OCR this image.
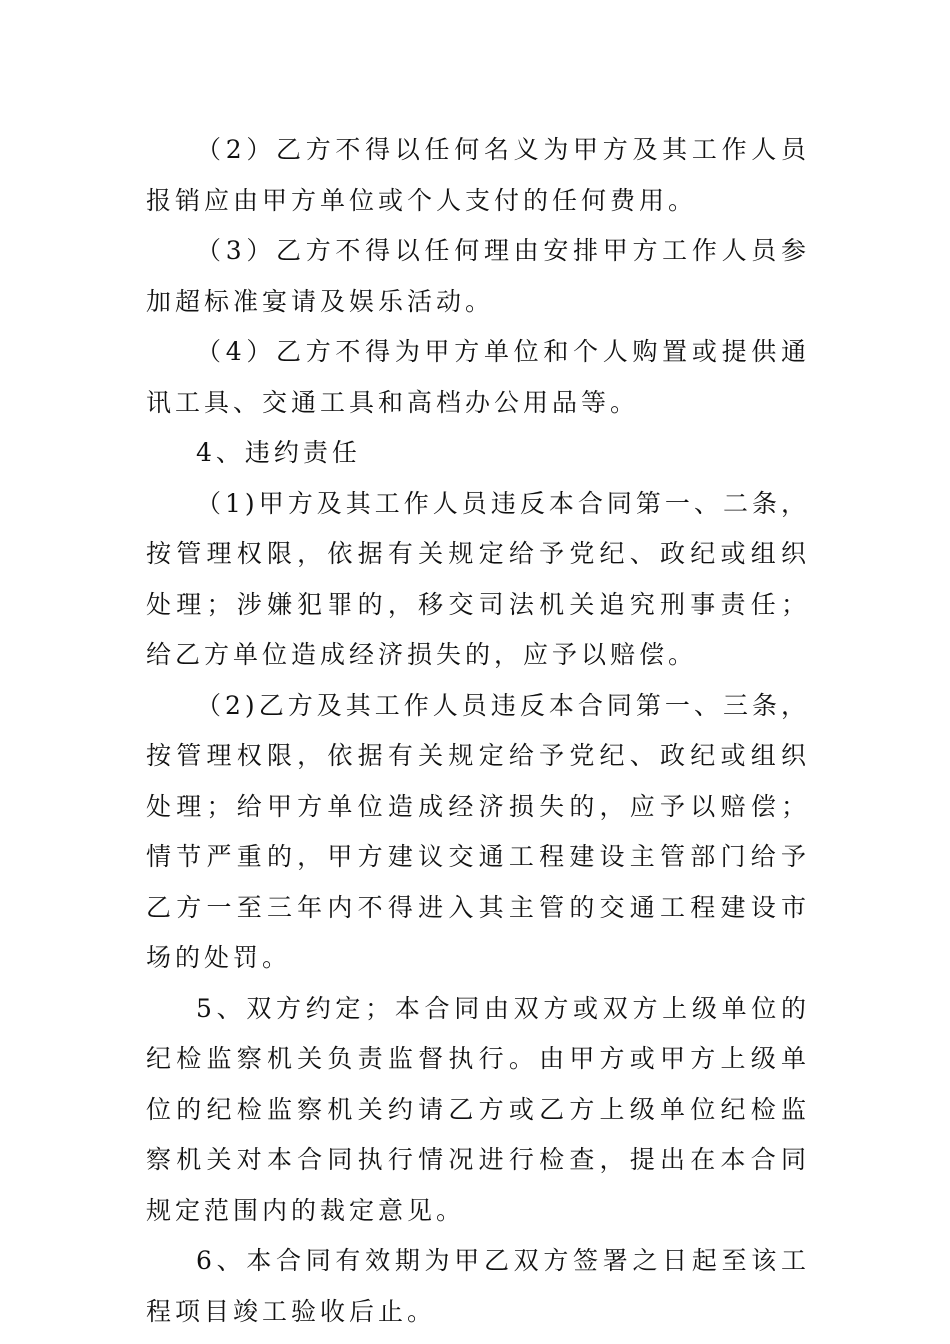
（2）乙方不得以任何名义为甲方及其工作人员报销应由甲方单位或个人支付的任何费用。

（3）乙方不得以任何理由安排甲方工作人员参加超标准宴请及娱乐活动。

（4）乙方不得为甲方单位和个人购置或提供通讯工具、交通工具和高档办公用品等。

4、违约责任

（1)甲方及其工作人员违反本合同第一、二条，按管理权限，依据有关规定给予党纪、政纪或组织处理；涉嫌犯罪的，移交司法机关追究刑事责任；给乙方单位造成经济损失的，应予以赔偿。

（2)乙方及其工作人员违反本合同第一、三条，按管理权限，依据有关规定给予党纪、政纪或组织处理；给甲方单位造成经济损失的，应予以赔偿；情节严重的，甲方建议交通工程建设主管部门给予乙方一至三年内不得进入其主管的交通工程建设市场的处罚。

5、双方约定；本合同由双方或双方上级单位的纪检监察机关负责监督执行。由甲方或甲方上级单位的纪检监察机关约请乙方或乙方上级单位纪检监察机关对本合同执行情况进行检查，提出在本合同规定范围内的裁定意见。

6、本合同有效期为甲乙双方签署之日起至该工程项目竣工验收后止。
